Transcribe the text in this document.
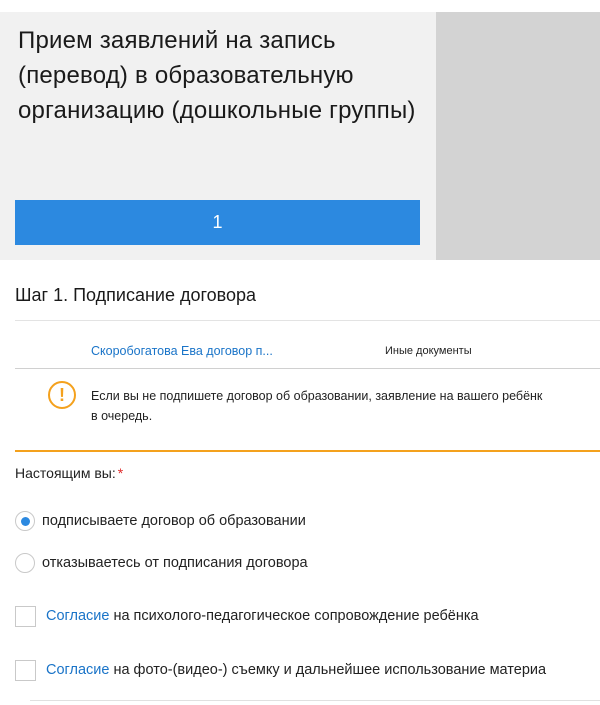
Прием заявлений на запись (перевод) в образовательную организацию (дошкольные группы)
1
Шаг 1. Подписание договора
Скоробогатова Ева договор п...	Иные документы
!	Если вы не подпишете договор об образовании, заявление на вашего ребёнк
в очередь.
Настоящим вы: *
подписываете договор об образовании
отказываетесь от подписания договора
Согласие на психолого-педагогическое сопровождение ребёнка
Согласие на фото-(видео-) съемку и дальнейшее использование материа
